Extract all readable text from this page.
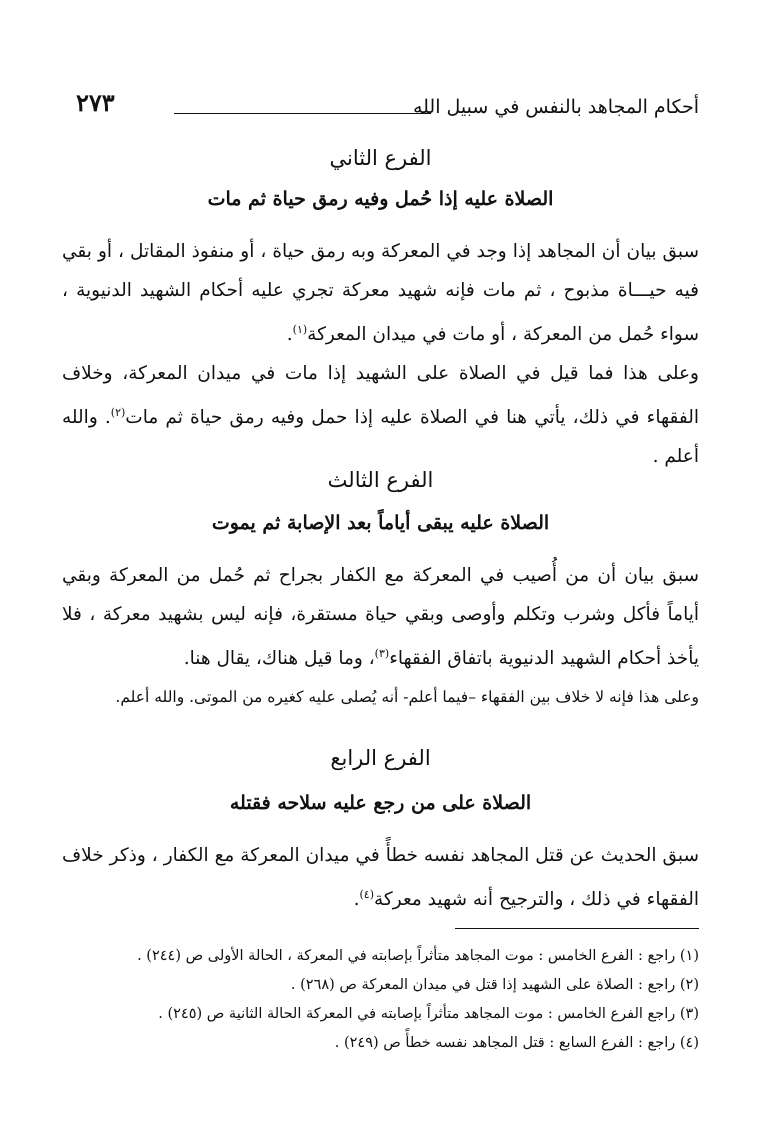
أحكام المجاهد بالنفس في سبيل الله
٢٧٣
الفرع الثاني
الصلاة عليه إذا حُمل وفيه رمق حياة ثم مات
سبق بيان أن المجاهد إذا وجد في المعركة وبه رمق حياة ، أو منفوذ المقاتل ، أو بقي فيه حيـــاة مذبوح ، ثم مات فإنه شهيد معركة تجري عليه أحكام الشهيد الدنيوية ، سواء حُمل من المعركة ، أو مات في ميدان المعركة$^{(١)}$.
وعلى هذا فما قيل في الصلاة على الشهيد إذا مات في ميدان المعركة، وخلاف الفقهاء في ذلك، يأتي هنا في الصلاة عليه إذا حمل وفيه رمق حياة ثم مات$^{(٢)}$. والله أعلم .
الفرع الثالث
الصلاة عليه يبقى أياماً بعد الإصابة ثم يموت
سبق بيان أن من أُصيب في المعركة مع الكفار بجراح ثم حُمل من المعركة وبقي أياماً فأكل وشرب وتكلم وأوصى وبقي حياة مستقرة، فإنه ليس بشهيد معركة ، فلا يأخذ أحكام الشهيد الدنيوية باتفاق الفقهاء$^{(٣)}$، وما قيل هناك، يقال هنا.
وعلى هذا فإنه لا خلاف بين الفقهاء –فيما أعلم- أنه يُصلى عليه كغيره من الموتى. والله أعلم.
الفرع الرابع
الصلاة على من رجع عليه سلاحه فقتله
سبق الحديث عن قتل المجاهد نفسه خطأً في ميدان المعركة مع الكفار ، وذكر خلاف الفقهاء في ذلك ، والترجيح أنه شهيد معركة$^{(٤)}$.
(١) راجع : الفرع الخامس : موت المجاهد متأثراً بإصابته في المعركة ، الحالة الأولى ص (٢٤٤) .
(٢) راجع : الصلاة على الشهيد إذا قتل في ميدان المعركة ص (٢٦٨) .
(٣) راجع الفرع الخامس : موت المجاهد متأثراً بإصابته في المعركة الحالة الثانية ص (٢٤٥) .
(٤) راجع : الفرع السابع : قتل المجاهد نفسه خطأً ص (٢٤٩) .
